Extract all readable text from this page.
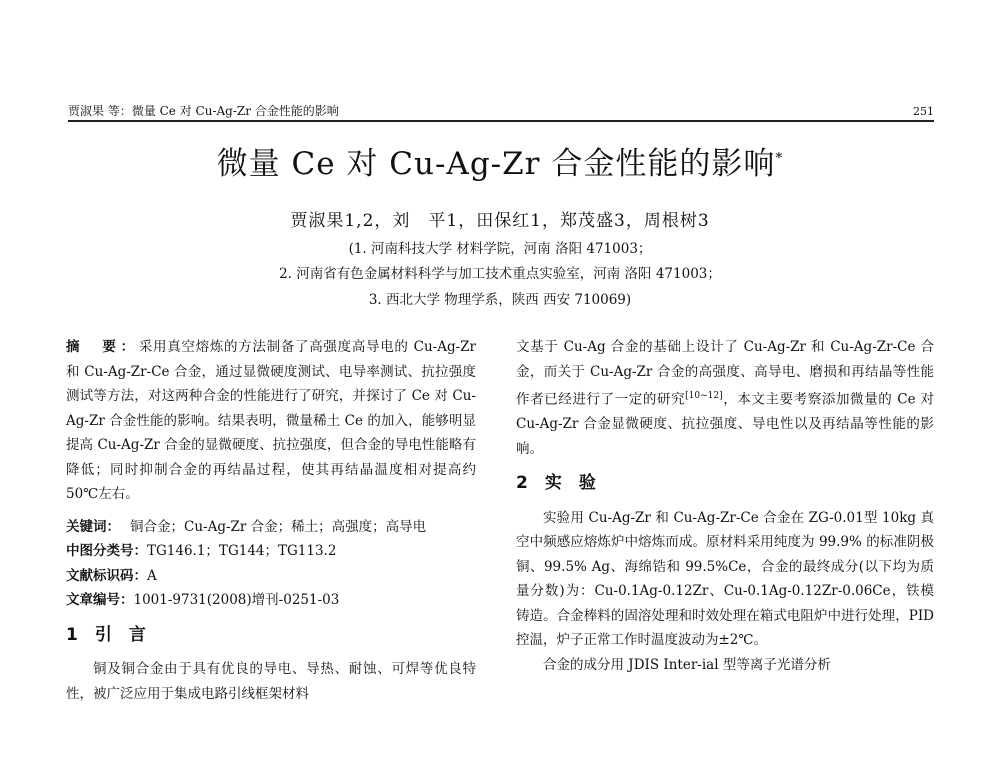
贾淑果 等：微量 Ce 对 Cu-Ag-Zr 合金性能的影响	251
微量 Ce 对 Cu-Ag-Zr 合金性能的影响*
贾淑果1,2，刘　平1，田保红1，郑茂盛3，周根树3
(1. 河南科技大学 材料学院，河南 洛阳 471003；
2. 河南省有色金属材料科学与加工技术重点实验室，河南 洛阳 471003；
3. 西北大学 物理学系，陕西 西安 710069)

摘　要：采用真空熔炼的方法制备了高强度高导电的 Cu-Ag-Zr 和 Cu-Ag-Zr-Ce 合金，通过显微硬度测试、电导率测试、抗拉强度测试等方法，对这两种合金的性能进行了研究，并探讨了 Ce 对 Cu-Ag-Zr 合金性能的影响。结果表明，微量稀土 Ce 的加入，能够明显提高 Cu-Ag-Zr 合金的显微硬度、抗拉强度，但合金的导电性能略有降低；同时抑制合金的再结晶过程，使其再结晶温度相对提高约 50℃左右。

关键词： 铜合金；Cu-Ag-Zr 合金；稀土；高强度；高导电

中图分类号：TG146.1；TG144；TG113.2

文献标识码：A

文章编号：1001-9731(2008)增刊-0251-03

1　引　言

铜及铜合金由于具有优良的导电、导热、耐蚀、可焊等优良特性，被广泛应用于集成电路引线框架材料

文基于 Cu-Ag 合金的基础上设计了 Cu-Ag-Zr 和 Cu-Ag-Zr-Ce 合金，而关于 Cu-Ag-Zr 合金的高强度、高导电、磨损和再结晶等性能作者已经进行了一定的研究[10~12]，本文主要考察添加微量的 Ce 对 Cu-Ag-Zr 合金显微硬度、抗拉强度、导电性以及再结晶等性能的影响。

2　实　验

实验用 Cu-Ag-Zr 和 Cu-Ag-Zr-Ce 合金在 ZG-0.01型 10kg 真空中频感应熔炼炉中熔炼而成。原材料采用纯度为 99.9% 的标准阴极铜、99.5% Ag、海绵锆和 99.5%Ce，合金的最终成分(以下均为质量分数)为：Cu-0.1Ag-0.12Zr、Cu-0.1Ag-0.12Zr-0.06Ce，铁模铸造。合金棒料的固溶处理和时效处理在箱式电阻炉中进行处理，PID 控温，炉子正常工作时温度波动为±2℃。

合金的成分用 JDIS Inter-ial 型等离子光谱分析
